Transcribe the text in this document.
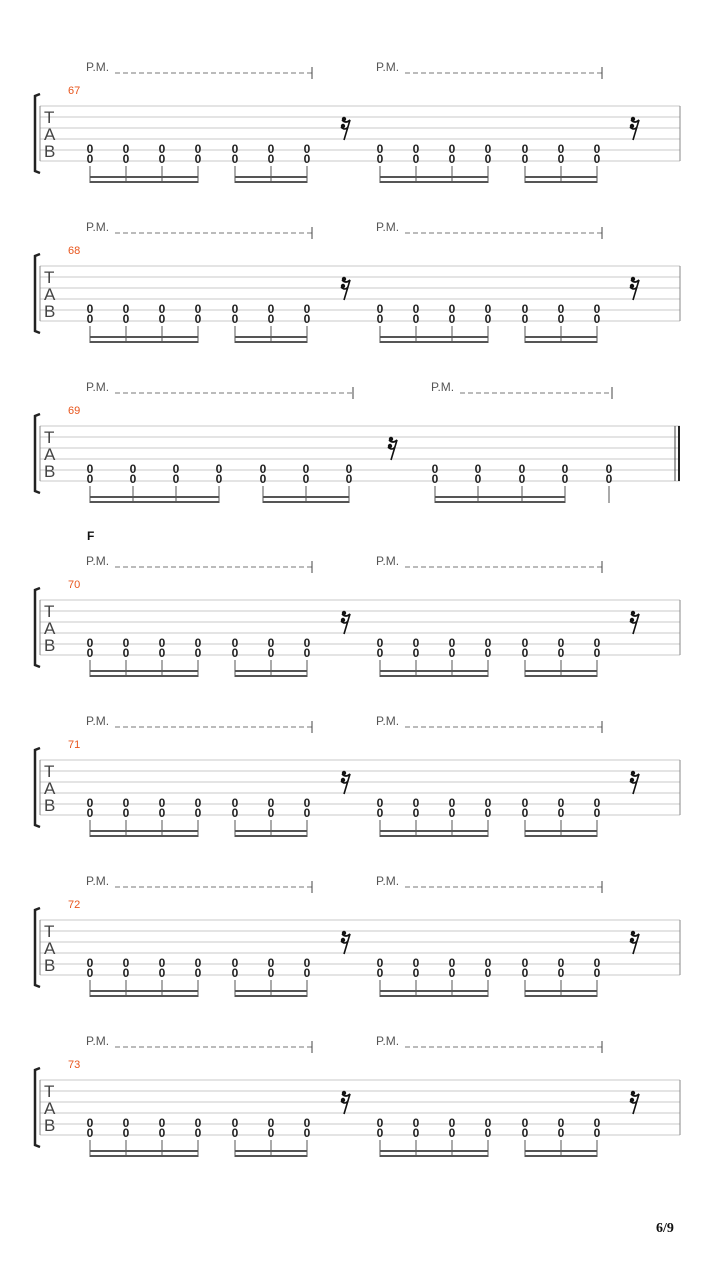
P.M.	P.M.
67
T
A
B	0
0
0
0
0
0
0
0
0
0
0
0
0
0
0
0
0
0
0
0
0
0
0
0
0
0
0
0
P.M.	P.M.
68
T
A
B	0
0
0
0
0
0
0
0
0
0
0
0
0
0
0
0
0
0
0
0
0
0
0
0
0
0
0
0
P.M.	P.M.
69
T
A
B	0
0
0
0
0
0
0
0
0
0
0
0
0
0
0
0
0
0
0
0
0
0
0
0
F
P.M.	P.M.
70
T
A
B	0
0
0
0
0
0
0
0
0
0
0
0
0
0
0
0
0
0
0
0
0
0
0
0
0
0
0
0
P.M.	P.M.
71
T
A
B	0
0
0
0
0
0
0
0
0
0
0
0
0
0
0
0
0
0
0
0
0
0
0
0
0
0
0
0
P.M.	P.M.
72
T
A
B	0
0
0
0
0
0
0
0
0
0
0
0
0
0
0
0
0
0
0
0
0
0
0
0
0
0
0
0
P.M.	P.M.
73
T
A
B	0
0
0
0
0
0
0
0
0
0
0
0
0
0
0
0
0
0
0
0
0
0
0
0
0
0
0
0
6/9
